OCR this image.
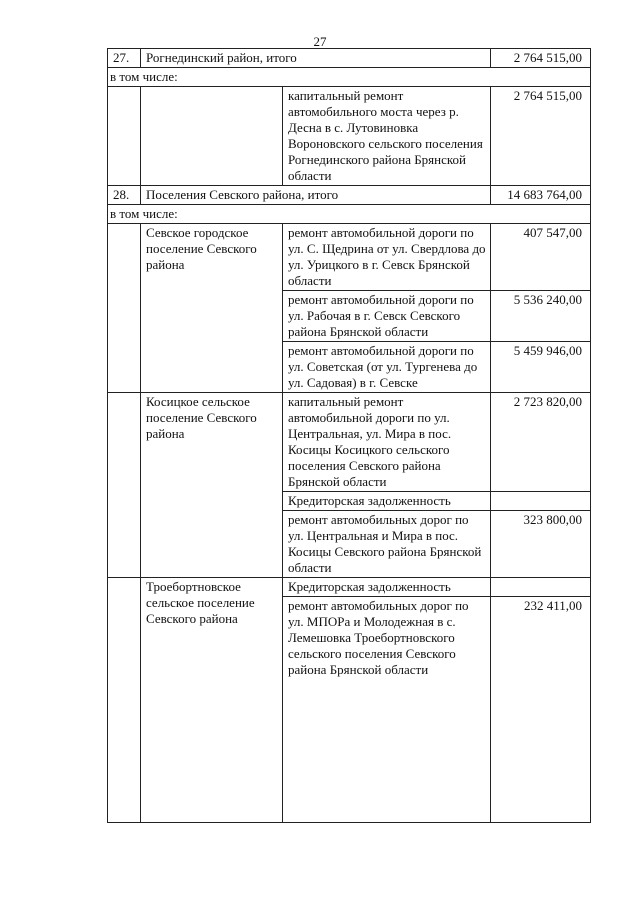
27
27.	Рогнединский район, итого		2 764 515,00
в том числе:			
		капитальный ремонт автомобильного моста через р. Десна в с. Лутовиновка Вороновского сельского поселения Рогнединского района Брянской области	2 764 515,00
28.	Поселения Севского района, итого		14 683 764,00
в том числе:			
	Севское городское поселение Севского района	ремонт автомобильной дороги по ул. С. Щедрина от ул. Свердлова до ул. Урицкого в г. Севск Брянской области	407 547,00
		ремонт автомобильной дороги по ул. Рабочая в г. Севск Севского района Брянской области	5 536 240,00
		ремонт автомобильной дороги по ул. Советская (от ул. Тургенева до ул. Садовая) в г. Севске	5 459 946,00
	Косицкое сельское поселение Севского района	капитальный ремонт автомобильной дороги по ул. Центральная, ул. Мира в пос. Косицы Косицкого сельского поселения Севского района Брянской области	2 723 820,00
		Кредиторская задолженность	
		ремонт автомобильных дорог по ул. Центральная и Мира в пос. Косицы Севского района Брянской области	323 800,00
	Троебортновское сельское поселение Севского района	Кредиторская задолженность	
		ремонт автомобильных дорог по ул. МПОРа и Молодежная в с. Лемешовка Троебортновского сельского поселения Севского района Брянской области	232 411,00
